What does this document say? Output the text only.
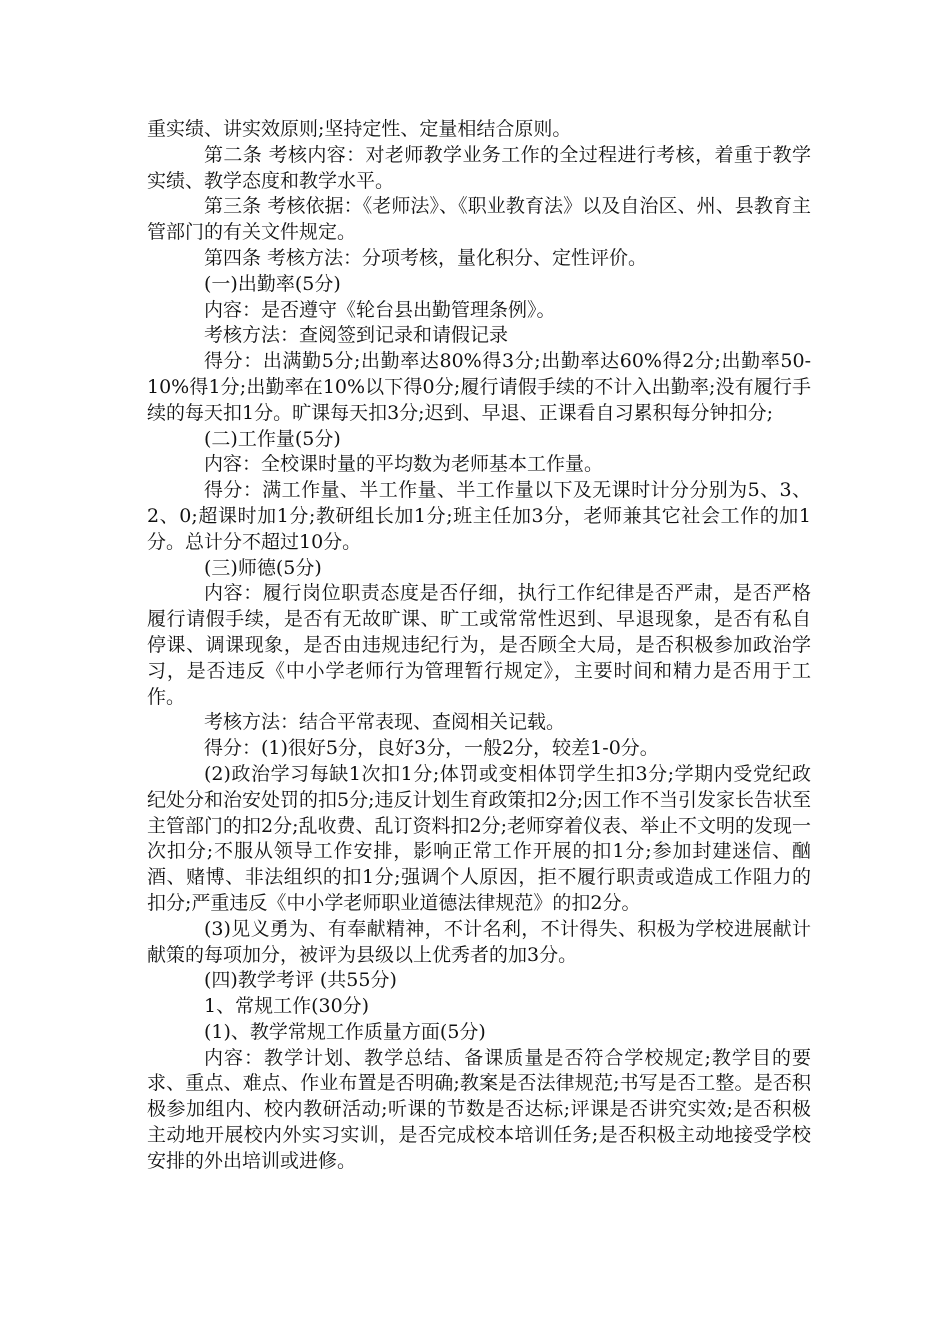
重实绩、讲实效原则;坚持定性、定量相结合原则。

第二条 考核内容：对老师教学业务工作的全过程进行考核，着重于教学实绩、教学态度和教学水平。

第三条 考核依据：《老师法》、《职业教育法》以及自治区、州、县教育主管部门的有关文件规定。

第四条 考核方法：分项考核，量化积分、定性评价。

(一)出勤率(5分)

内容：是否遵守《轮台县出勤管理条例》。

考核方法：查阅签到记录和请假记录

得分：出满勤5分;出勤率达80%得3分;出勤率达60%得2分;出勤率50-10%得1分;出勤率在10%以下得0分;履行请假手续的不计入出勤率;没有履行手续的每天扣1分。旷课每天扣3分;迟到、早退、正课看自习累积每分钟扣分;

(二)工作量(5分)

内容：全校课时量的平均数为老师基本工作量。

得分：满工作量、半工作量、半工作量以下及无课时计分分别为5、3、2、0;超课时加1分;教研组长加1分;班主任加3分，老师兼其它社会工作的加1分。总计分不超过10分。

(三)师德(5分)

内容：履行岗位职责态度是否仔细，执行工作纪律是否严肃，是否严格履行请假手续，是否有无故旷课、旷工或常常性迟到、早退现象，是否有私自停课、调课现象，是否由违规违纪行为，是否顾全大局，是否积极参加政治学习，是否违反《中小学老师行为管理暂行规定》，主要时间和精力是否用于工作。

考核方法：结合平常表现、查阅相关记载。

得分：(1)很好5分，良好3分，一般2分，较差1-0分。

(2)政治学习每缺1次扣1分;体罚或变相体罚学生扣3分;学期内受党纪政纪处分和治安处罚的扣5分;违反计划生育政策扣2分;因工作不当引发家长告状至主管部门的扣2分;乱收费、乱订资料扣2分;老师穿着仪表、举止不文明的发现一次扣分;不服从领导工作安排，影响正常工作开展的扣1分;参加封建迷信、酗酒、赌博、非法组织的扣1分;强调个人原因，拒不履行职责或造成工作阻力的扣分;严重违反《中小学老师职业道德法律规范》的扣2分。

(3)见义勇为、有奉献精神，不计名利，不计得失、积极为学校进展献计献策的每项加分，被评为县级以上优秀者的加3分。

(四)教学考评 (共55分)

1、常规工作(30分)

(1)、教学常规工作质量方面(5分)

内容：教学计划、教学总结、备课质量是否符合学校规定;教学目的要求、重点、难点、作业布置是否明确;教案是否法律规范;书写是否工整。是否积极参加组内、校内教研活动;听课的节数是否达标;评课是否讲究实效;是否积极主动地开展校内外实习实训，是否完成校本培训任务;是否积极主动地接受学校安排的外出培训或进修。
